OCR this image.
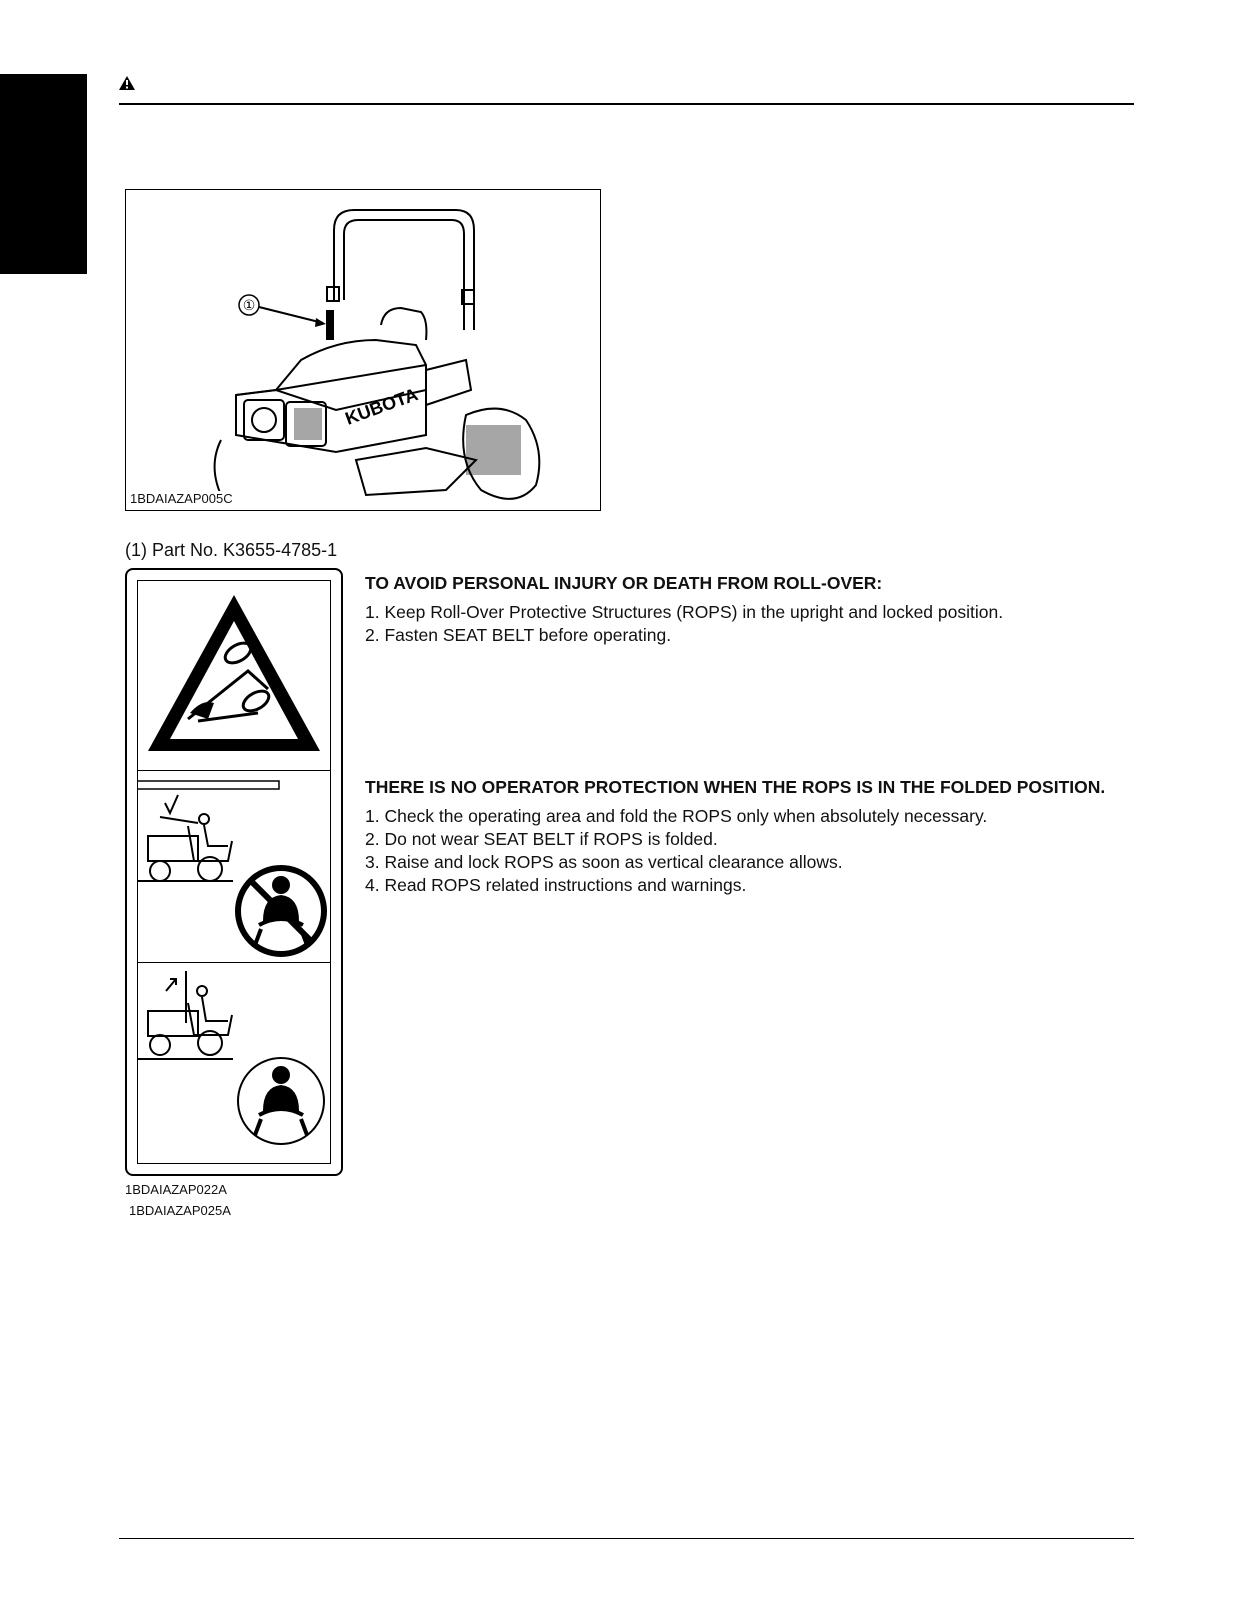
KUBOTA
①
1BDAIAZAP005C
(1) Part No. K3655-4785-1
1BDAIAZAP022A
1BDAIAZAP025A
TO AVOID PERSONAL INJURY OR DEATH FROM ROLL-OVER:
1. Keep Roll-Over Protective Structures (ROPS) in the upright and locked position.
2. Fasten SEAT BELT before operating.
THERE IS NO OPERATOR PROTECTION WHEN THE ROPS IS IN THE FOLDED POSITION.
1. Check the operating area and fold the ROPS only when absolutely necessary.
2. Do not wear SEAT BELT if ROPS is folded.
3. Raise and lock ROPS as soon as vertical clearance allows.
4. Read ROPS related instructions and warnings.
